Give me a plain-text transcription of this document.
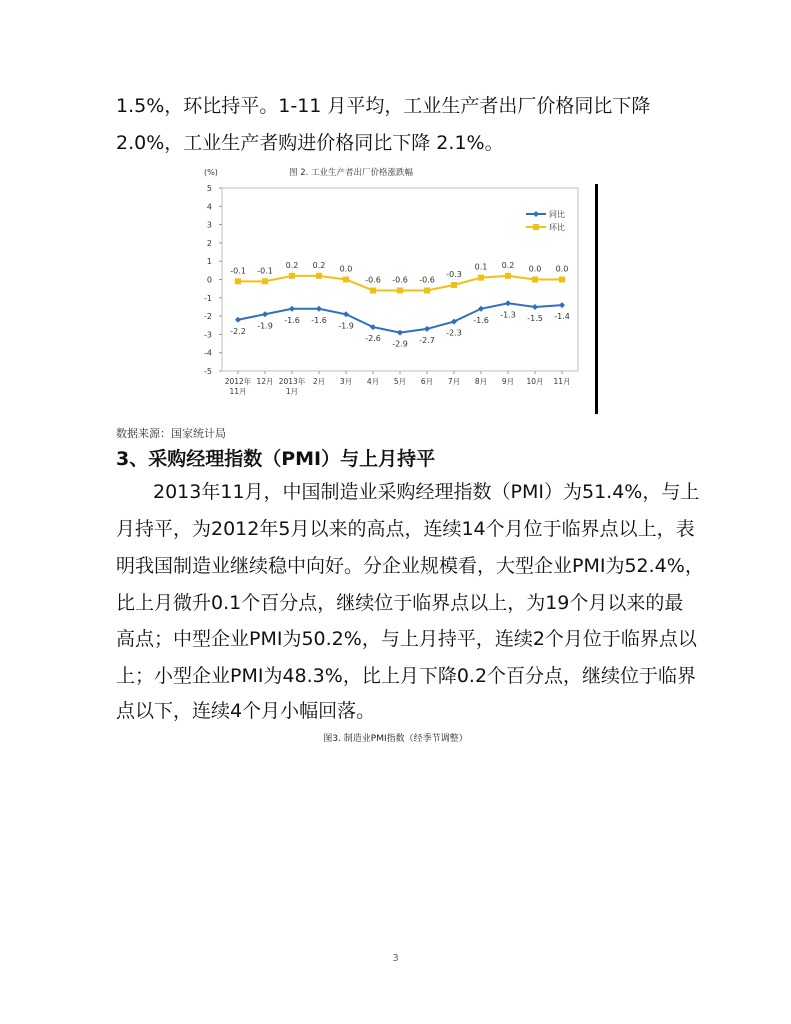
1.5%，环比持平。1-11 月平均，工业生产者出厂价格同比下降
2.0%，工业生产者购进价格同比下降 2.1%。
(%)	图 2. 工业生产者出厂价格涨跌幅
5
4
3
2
1
0
-1
-2
-3
-4
-5
2012年
11月
12月 2013年
1月
2月 3月 4月 5月 6月 7月 8月 9月 10月 11月
-2.2
-1.9
-1.6 -1.6
-1.9
-2.6
-2.9 -2.7
-2.3
-1.6
-1.3 -1.5 -1.4
-0.1 -0.1
0.2 0.2 0.0
-0.6 -0.6 -0.6
-0.3
0.1 0.2 0.0 0.0
同比
环比
数据来源：国家统计局
3、采购经理指数（PMI）与上月持平
2013年11月，中国制造业采购经理指数（PMI）为51.4%，与上
月持平，为2012年5月以来的高点，连续14个月位于临界点以上，表
明我国制造业继续稳中向好。分企业规模看，大型企业PMI为52.4%，
比上月微升0.1个百分点，继续位于临界点以上，为19个月以来的最
高点；中型企业PMI为50.2%，与上月持平，连续2个月位于临界点以
上；小型企业PMI为48.3%，比上月下降0.2个百分点，继续位于临界
点以下，连续4个月小幅回落。
图3. 制造业PMI指数（经季节调整）
3
